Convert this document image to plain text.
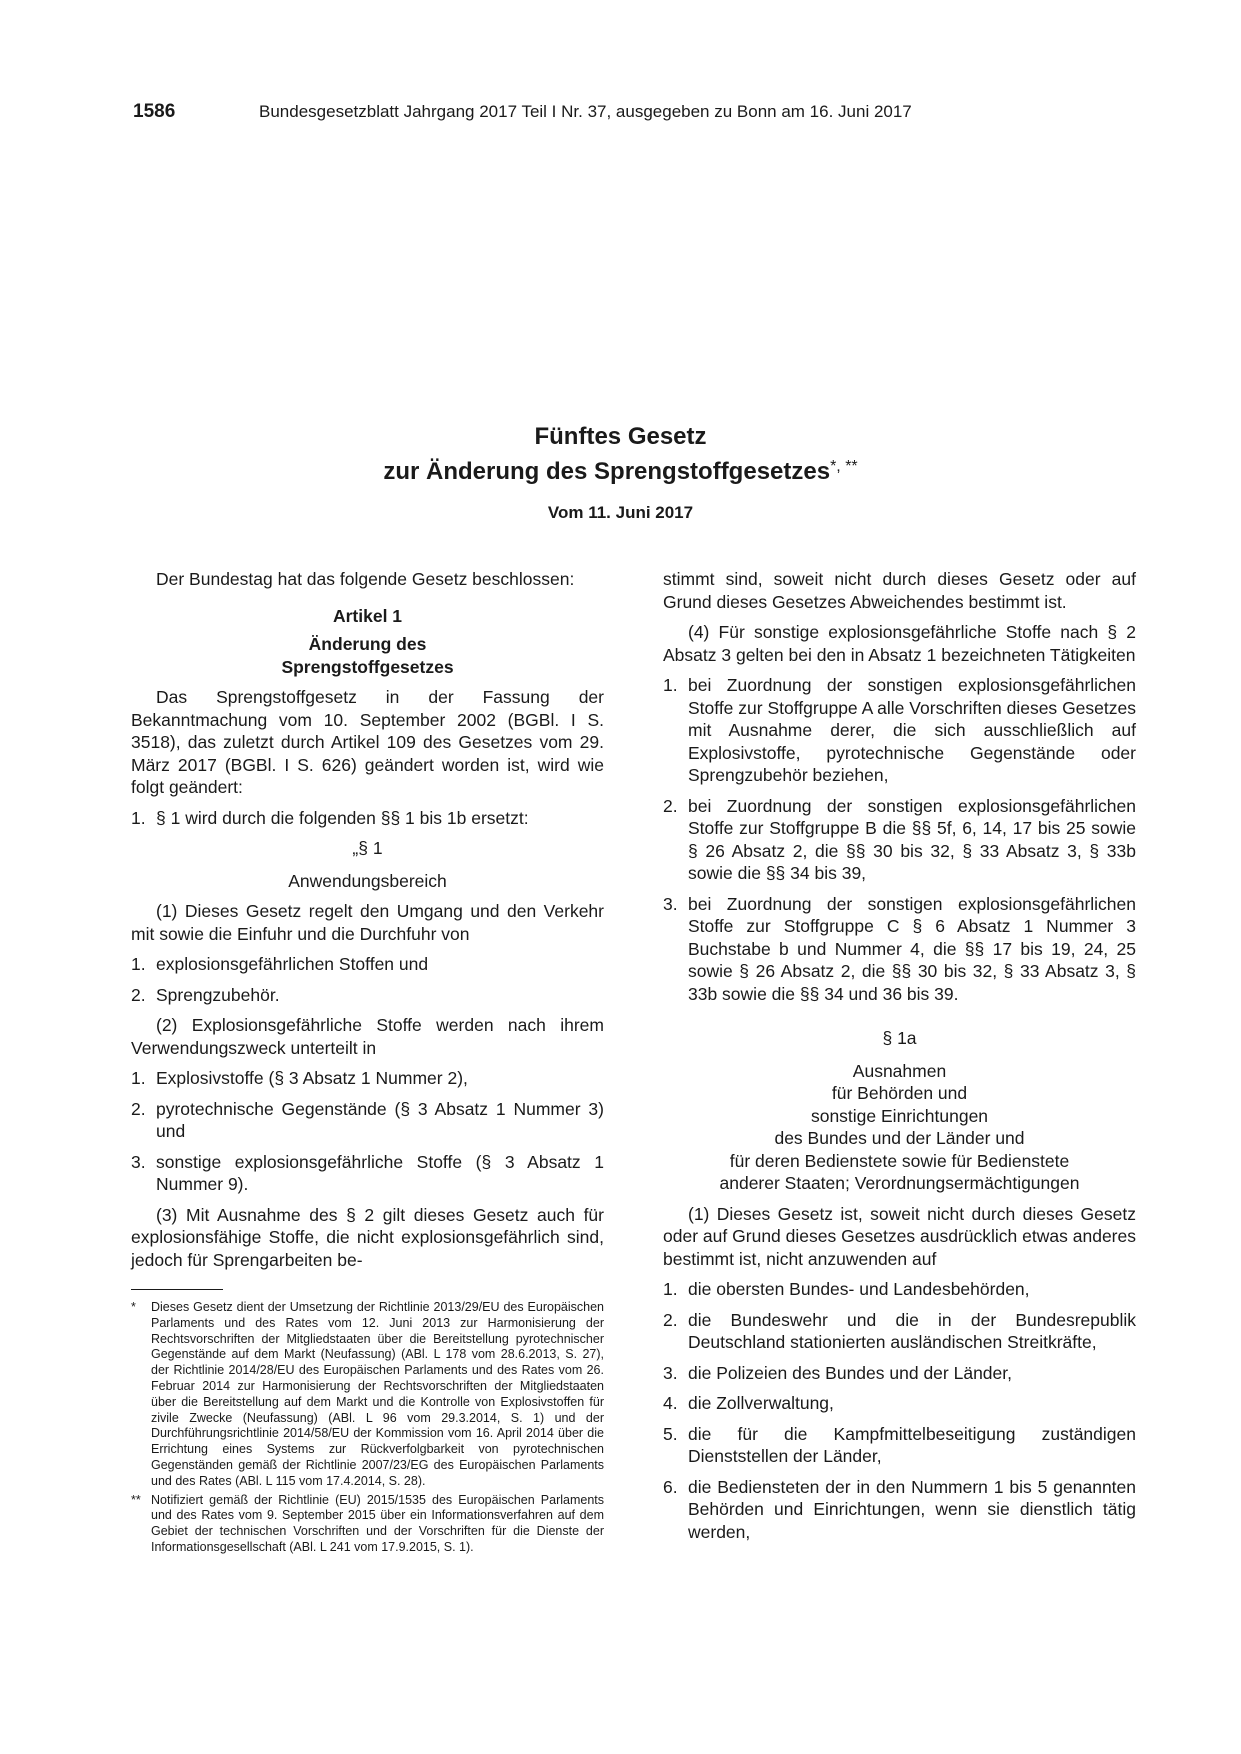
1586	Bundesgesetzblatt Jahrgang 2017 Teil I Nr. 37, ausgegeben zu Bonn am 16. Juni 2017
Fünftes Gesetz
zur Änderung des Sprengstoffgesetzes*, **
Vom 11. Juni 2017

Der Bundestag hat das folgende Gesetz beschlossen:

Artikel 1
Änderung des
Sprengstoffgesetzes

Das Sprengstoffgesetz in der Fassung der Bekanntmachung vom 10. September 2002 (BGBl. I S. 3518), das zuletzt durch Artikel 109 des Gesetzes vom 29. März 2017 (BGBl. I S. 626) geändert worden ist, wird wie folgt geändert:

1. § 1 wird durch die folgenden §§ 1 bis 1b ersetzt:
„§ 1
Anwendungsbereich

(1) Dieses Gesetz regelt den Umgang und den Verkehr mit sowie die Einfuhr und die Durchfuhr von

1. explosionsgefährlichen Stoffen und
2. Sprengzubehör.

(2) Explosionsgefährliche Stoffe werden nach ihrem Verwendungszweck unterteilt in

1. Explosivstoffe (§ 3 Absatz 1 Nummer 2),
2. pyrotechnische Gegenstände (§ 3 Absatz 1 Nummer 3) und
3. sonstige explosionsgefährliche Stoffe (§ 3 Absatz 1 Nummer 9).

(3) Mit Ausnahme des § 2 gilt dieses Gesetz auch für explosionsfähige Stoffe, die nicht explosionsgefährlich sind, jedoch für Sprengarbeiten be-

* Dieses Gesetz dient der Umsetzung der Richtlinie 2013/29/EU des Europäischen Parlaments und des Rates vom 12. Juni 2013 zur Harmonisierung der Rechtsvorschriften der Mitgliedstaaten über die Bereitstellung pyrotechnischer Gegenstände auf dem Markt (Neufassung) (ABl. L 178 vom 28.6.2013, S. 27), der Richtlinie 2014/28/EU des Europäischen Parlaments und des Rates vom 26. Februar 2014 zur Harmonisierung der Rechtsvorschriften der Mitgliedstaaten über die Bereitstellung auf dem Markt und die Kontrolle von Explosivstoffen für zivile Zwecke (Neufassung) (ABl. L 96 vom 29.3.2014, S. 1) und der Durchführungsrichtlinie 2014/58/EU der Kommission vom 16. April 2014 über die Errichtung eines Systems zur Rückverfolgbarkeit von pyrotechnischen Gegenständen gemäß der Richtlinie 2007/23/EG des Europäischen Parlaments und des Rates (ABl. L 115 vom 17.4.2014, S. 28).
** Notifiziert gemäß der Richtlinie (EU) 2015/1535 des Europäischen Parlaments und des Rates vom 9. September 2015 über ein Informationsverfahren auf dem Gebiet der technischen Vorschriften und der Vorschriften für die Dienste der Informationsgesellschaft (ABl. L 241 vom 17.9.2015, S. 1).

stimmt sind, soweit nicht durch dieses Gesetz oder auf Grund dieses Gesetzes Abweichendes bestimmt ist.

(4) Für sonstige explosionsgefährliche Stoffe nach § 2 Absatz 3 gelten bei den in Absatz 1 bezeichneten Tätigkeiten

1. bei Zuordnung der sonstigen explosionsgefährlichen Stoffe zur Stoffgruppe A alle Vorschriften dieses Gesetzes mit Ausnahme derer, die sich ausschließlich auf Explosivstoffe, pyrotechnische Gegenstände oder Sprengzubehör beziehen,
2. bei Zuordnung der sonstigen explosionsgefährlichen Stoffe zur Stoffgruppe B die §§ 5f, 6, 14, 17 bis 25 sowie § 26 Absatz 2, die §§ 30 bis 32, § 33 Absatz 3, § 33b sowie die §§ 34 bis 39,
3. bei Zuordnung der sonstigen explosionsgefährlichen Stoffe zur Stoffgruppe C § 6 Absatz 1 Nummer 3 Buchstabe b und Nummer 4, die §§ 17 bis 19, 24, 25 sowie § 26 Absatz 2, die §§ 30 bis 32, § 33 Absatz 3, § 33b sowie die §§ 34 und 36 bis 39.
§ 1a
Ausnahmen
für Behörden und
sonstige Einrichtungen
des Bundes und der Länder und
für deren Bedienstete sowie für Bedienstete
anderer Staaten; Verordnungsermächtigungen

(1) Dieses Gesetz ist, soweit nicht durch dieses Gesetz oder auf Grund dieses Gesetzes ausdrücklich etwas anderes bestimmt ist, nicht anzuwenden auf

1. die obersten Bundes- und Landesbehörden,
2. die Bundeswehr und die in der Bundesrepublik Deutschland stationierten ausländischen Streitkräfte,
3. die Polizeien des Bundes und der Länder,
4. die Zollverwaltung,
5. die für die Kampfmittelbeseitigung zuständigen Dienststellen der Länder,
6. die Bediensteten der in den Nummern 1 bis 5 genannten Behörden und Einrichtungen, wenn sie dienstlich tätig werden,
